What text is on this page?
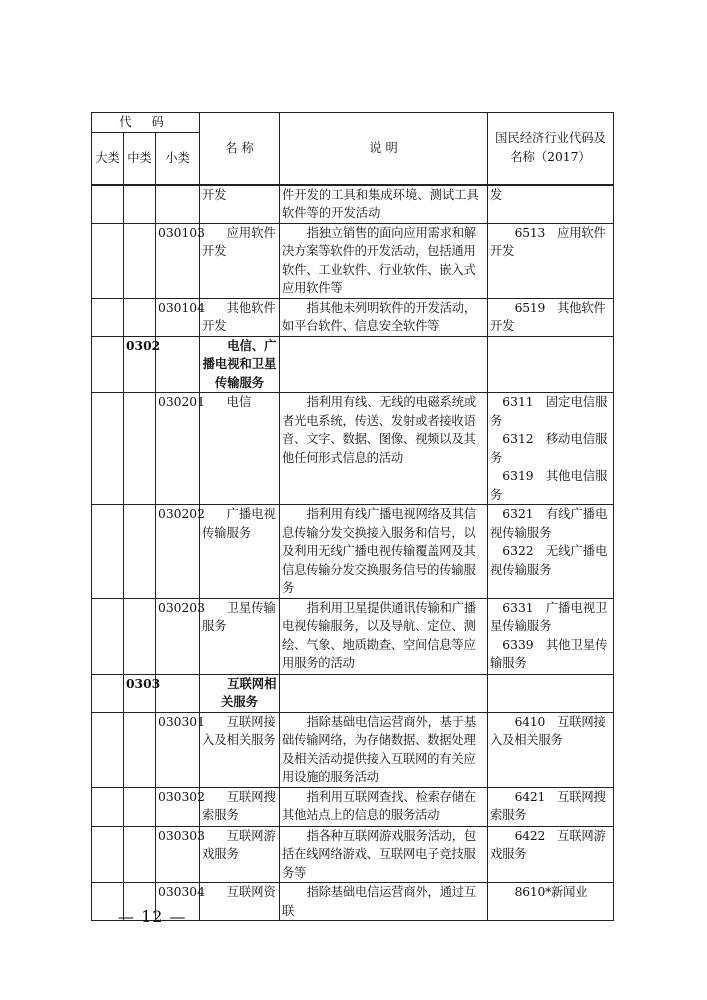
代 码			名 称	说 明	国民经济行业代码及名称（2017）
大类	中类	小类			
			开发	件开发的工具和集成环境、测试工具软件等的开发活动	发
		030103	应用软件开发	指独立销售的面向应用需求和解决方案等软件的开发活动，包括通用软件、工业软件、行业软件、嵌入式应用软件等	6513　应用软件开发
		030104	其他软件开发	指其他未列明软件的开发活动，如平台软件、信息安全软件等	6519　其他软件开发
	0302		电信、广播电视和卫星传输服务		
		030201	电信	指利用有线、无线的电磁系统或者光电系统，传送、发射或者接收语音、文字、数据、图像、视频以及其他任何形式信息的活动	6311　固定电信服务
6312　移动电信服务
6319　其他电信服务

		030202	广播电视传输服务	指利用有线广播电视网络及其信息传输分发交换接入服务和信号，以及利用无线广播电视传输覆盖网及其信息传输分发交换服务信号的传输服务	6321　有线广播电视传输服务
6322　无线广播电视传输服务

		030203	卫星传输服务	指利用卫星提供通讯传输和广播电视传输服务，以及导航、定位、测绘、气象、地质勘查、空间信息等应用服务的活动	6331　广播电视卫星传输服务
6339　其他卫星传输服务

	0303		互联网相关服务		
		030301	互联网接入及相关服务	指除基础电信运营商外，基于基础传输网络，为存储数据、数据处理及相关活动提供接入互联网的有关应用设施的服务活动	6410　互联网接入及相关服务
		030302	互联网搜索服务	指利用互联网查找、检索存储在其他站点上的信息的服务活动	6421　互联网搜索服务
		030303	互联网游戏服务	指各种互联网游戏服务活动，包括在线网络游戏、互联网电子竞技服务等	6422　互联网游戏服务
		030304	互联网资	指除基础电信运营商外，通过互联	8610*新闻业
— 12 —
